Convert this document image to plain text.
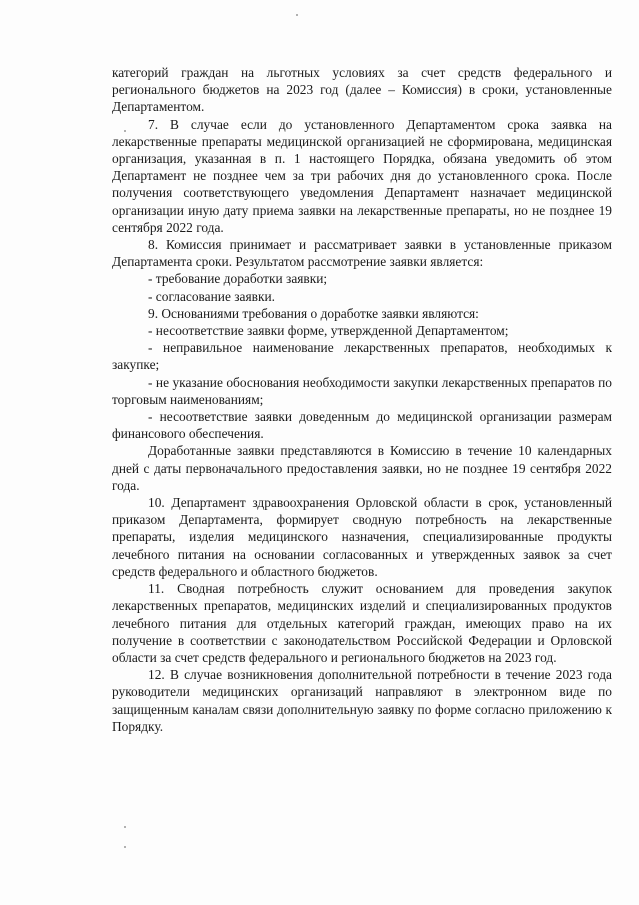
категорий граждан на льготных условиях за счет средств федерального и регионального бюджетов на 2023 год (далее – Комиссия) в сроки, установленные Департаментом.

7. В случае если до установленного Департаментом срока заявка на лекарственные препараты медицинской организацией не сформирована, медицинская организация, указанная в п. 1 настоящего Порядка, обязана уведомить об этом Департамент не позднее чем за три рабочих дня до установленного срока. После получения соответствующего уведомления Департамент назначает медицинской организации иную дату приема заявки на лекарственные препараты, но не позднее 19 сентября 2022 года.

8. Комиссия принимает и рассматривает заявки в установленные приказом Департамента сроки. Результатом рассмотрение заявки является:

- требование доработки заявки;

- согласование заявки.

9. Основаниями требования о доработке заявки являются:

- несоответствие заявки форме, утвержденной Департаментом;

- неправильное наименование лекарственных препаратов, необходимых к закупке;

- не указание обоснования необходимости закупки лекарственных препаратов по торговым наименованиям;

- несоответствие заявки доведенным до медицинской организации размерам финансового обеспечения.

Доработанные заявки представляются в Комиссию в течение 10 календарных дней с даты первоначального предоставления заявки, но не позднее 19 сентября 2022 года.

10. Департамент здравоохранения Орловской области в срок, установленный приказом Департамента, формирует сводную потребность на лекарственные препараты, изделия медицинского назначения, специализированные продукты лечебного питания на основании согласованных и утвержденных заявок за счет средств федерального и областного бюджетов.

11. Сводная потребность служит основанием для проведения закупок лекарственных препаратов, медицинских изделий и специализированных продуктов лечебного питания для отдельных категорий граждан, имеющих право на их получение в соответствии с законодательством Российской Федерации и Орловской области за счет средств федерального и регионального бюджетов на 2023 год.

12. В случае возникновения дополнительной потребности в течение 2023 года руководители медицинских организаций направляют в электронном виде по защищенным каналам связи дополнительную заявку по форме согласно приложению к Порядку.
